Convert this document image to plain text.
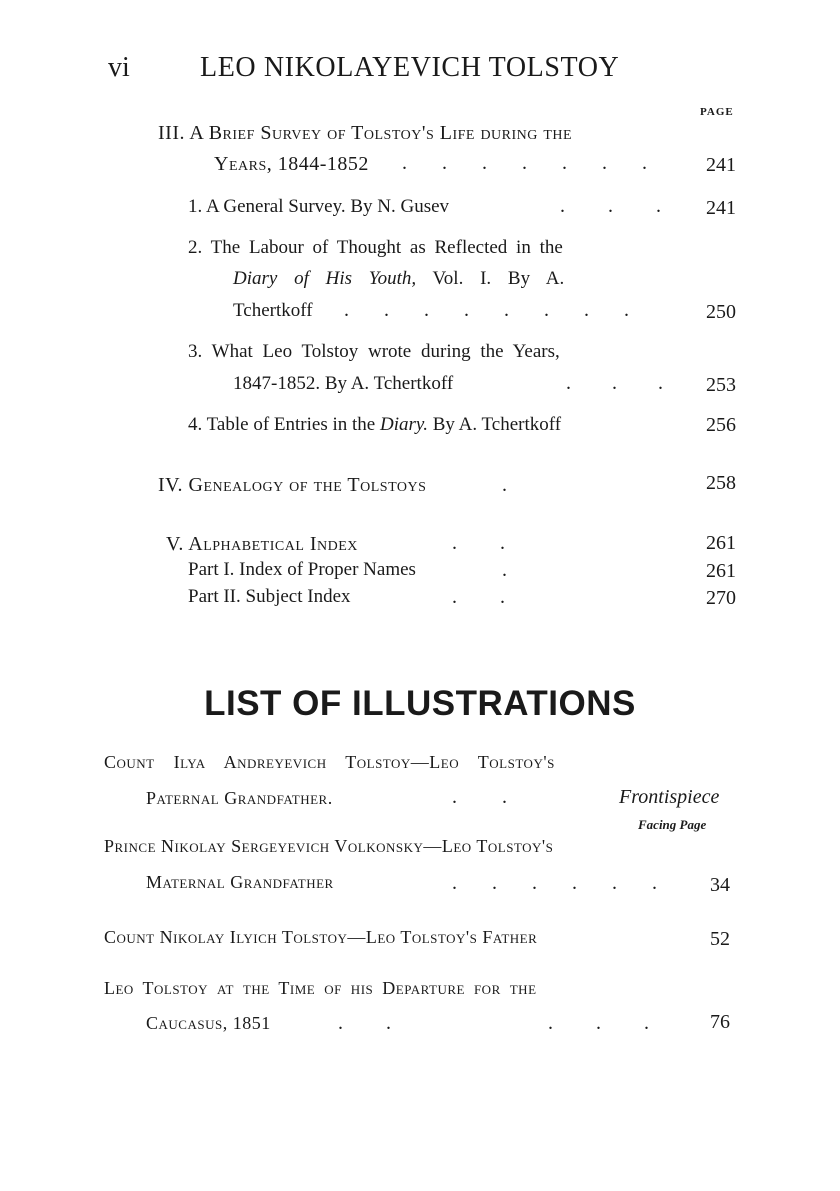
vi	LEO NIKOLAYEVICH TOLSTOY
PAGE
III. A Brief Survey of Tolstoy's Life during the
Years, 1844-1852 . . . . . . .	241
1. A General Survey. By N. Gusev	. . .	241
2. The Labour of Thought as Reflected in the
Diary of His Youth, Vol. I. By A.
Tchertkoff . . . . . . . .	250
3. What Leo Tolstoy wrote during the Years,
1847-1852. By A. Tchertkoff	. . .	253
4. Table of Entries in the Diary. By A. Tchertkoff	256
IV. Genealogy of the Tolstoys	.	258
V. Alphabetical Index	. .	261
Part I. Index of Proper Names	.	261
Part II. Subject Index	. .	270
LIST OF ILLUSTRATIONS
Count Ilya Andreyevich Tolstoy—Leo Tolstoy's
Paternal Grandfather.	. .	Frontispiece
Facing Page
Prince Nikolay Sergeyevich Volkonsky—Leo Tolstoy's
Maternal Grandfather	. . . . . .	34
Count Nikolay Ilyich Tolstoy—Leo Tolstoy's Father	52
Leo Tolstoy at the Time of his Departure for the
Caucasus, 1851	. .	. . .	76
